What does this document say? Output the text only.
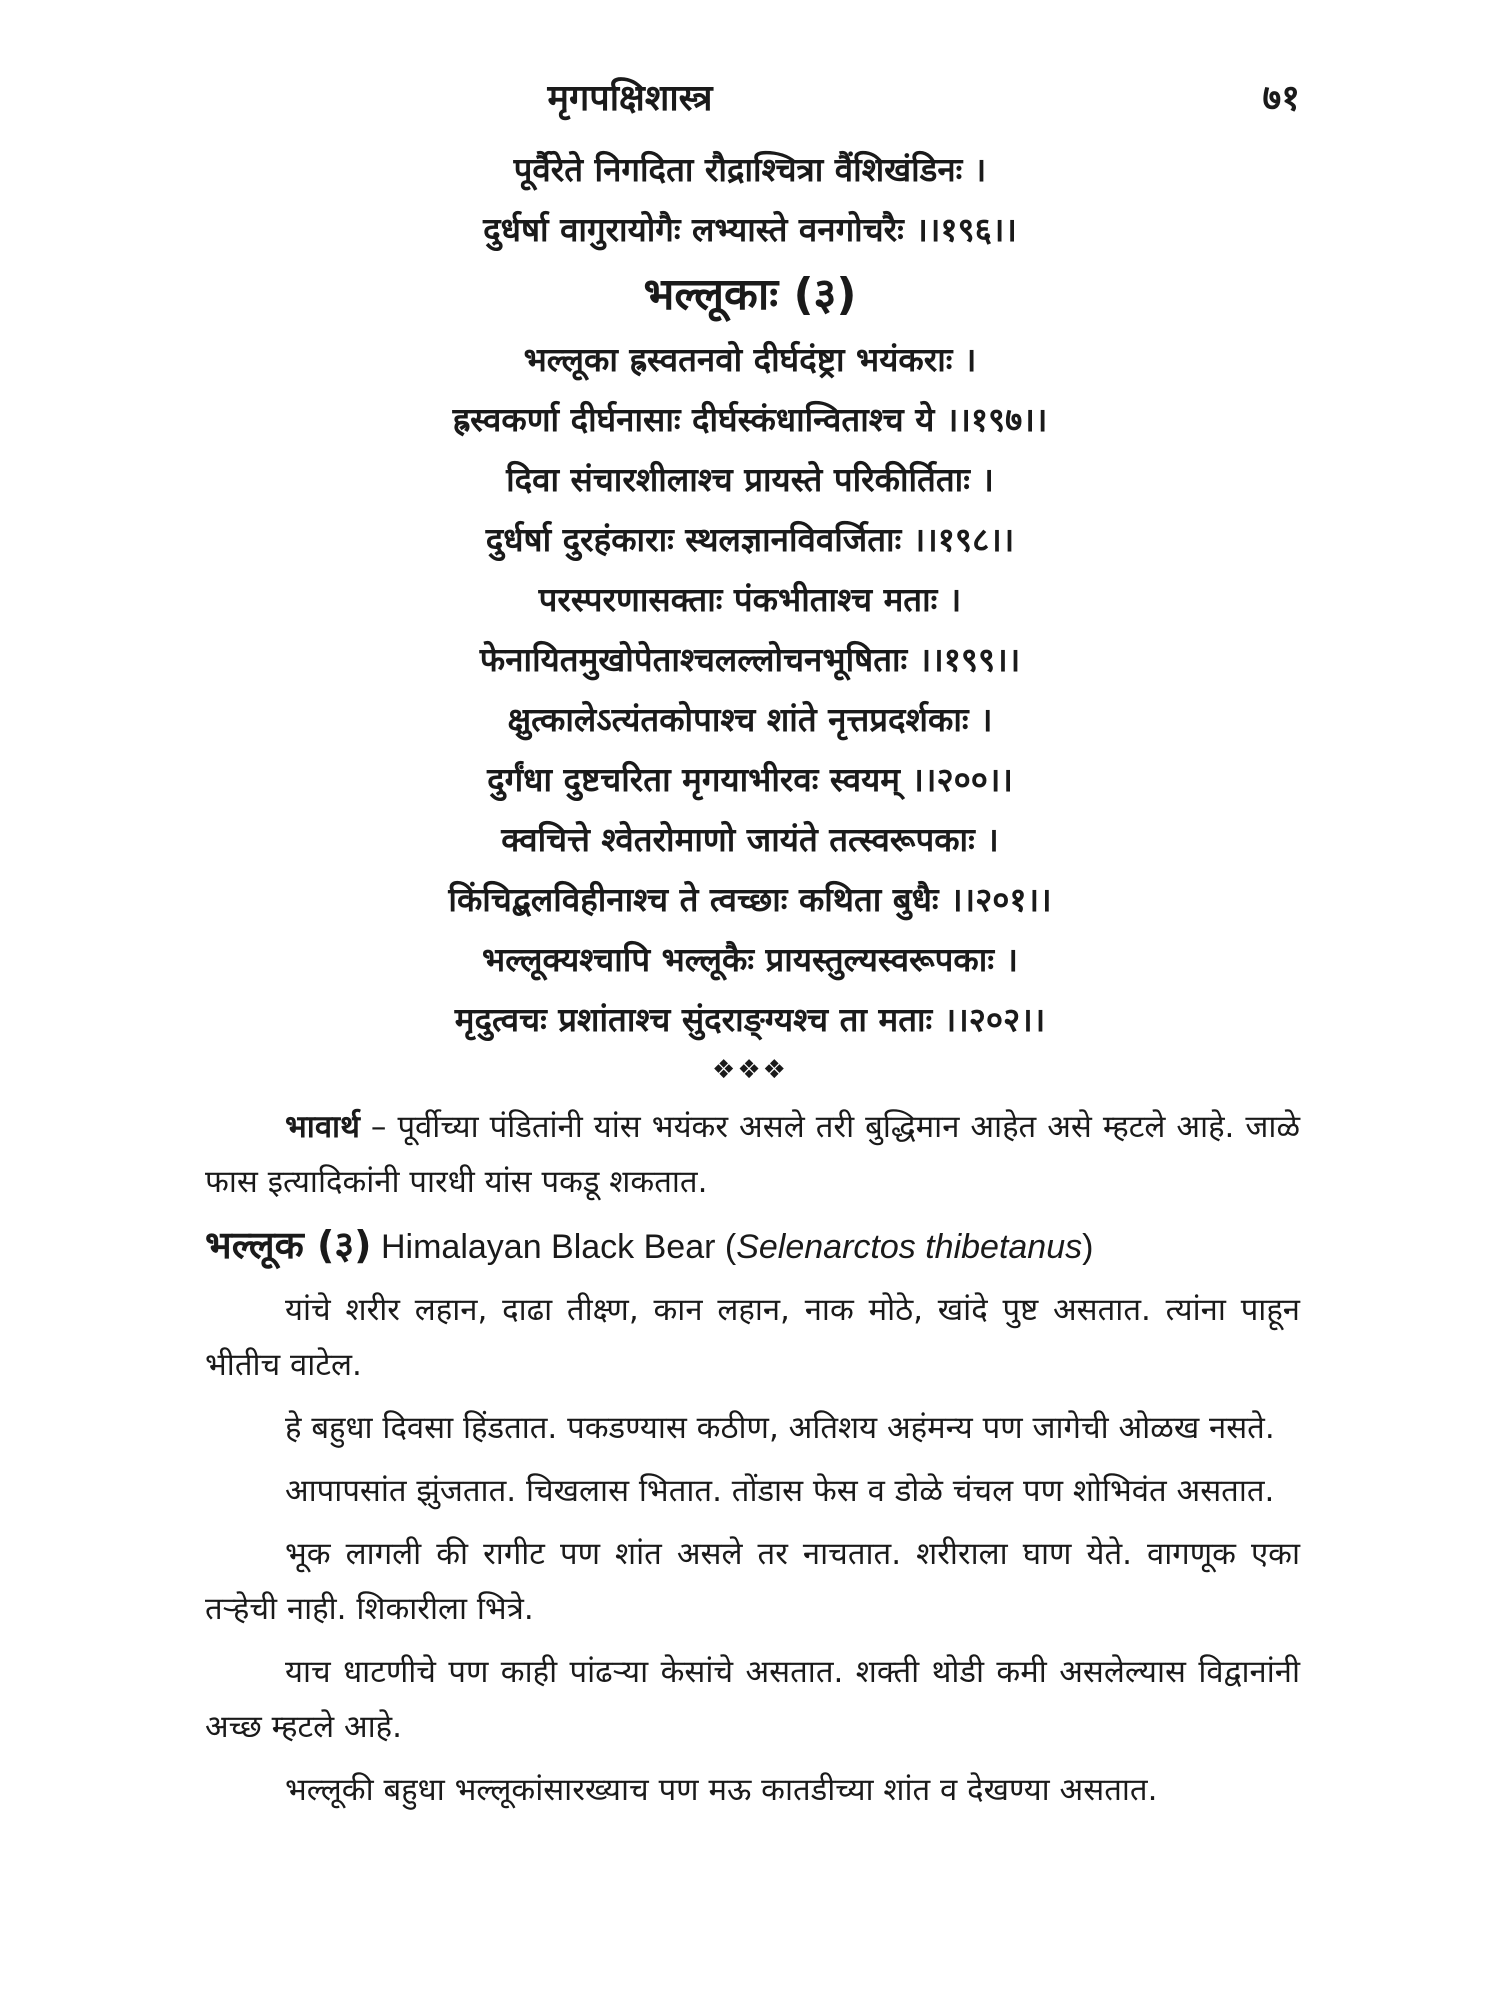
मृगपक्षिशास्त्र	७१
पूर्वैरेते निगदिता रौद्राश्चित्रा वैंशिखंडिनः ।
दुर्धर्षा वागुरायोगैः लभ्यास्ते वनगोचरैः ।।१९६।।
भल्लूकाः (३)
भल्लूका ह्रस्वतनवो दीर्घदंष्ट्रा भयंकराः ।
ह्रस्वकर्णा दीर्घनासाः दीर्घस्कंधान्विताश्च ये ।।१९७।।
दिवा संचारशीलाश्च प्रायस्ते परिकीर्तिताः ।
दुर्धर्षा दुरहंकाराः स्थलज्ञानविवर्जिताः ।।१९८।।
परस्परणासक्ताः पंकभीताश्च मताः ।
फेनायितमुखोपेताश्चलल्लोचनभूषिताः ।।१९९।।
क्षुत्कालेऽत्यंतकोपाश्च शांते नृत्तप्रदर्शकाः ।
दुर्गंधा दुष्टचरिता मृगयाभीरवः स्वयम् ।।२००।।
क्वचित्ते श्वेतरोमाणो जायंते तत्स्वरूपकाः ।
किंचिद्बलविहीनाश्च ते त्वच्छाः कथिता बुधैः ।।२०१।।
भल्लूक्यश्चापि भल्लूकैः प्रायस्तुल्यस्वरूपकाः ।
मृदुत्वचः प्रशांताश्च सुंदराङ्ग्यश्च ता मताः ।।२०२।।
❖❖❖

भावार्थ – पूर्वीच्या पंडितांनी यांस भयंकर असले तरी बुद्धिमान आहेत असे म्हटले आहे. जाळे फास इत्यादिकांनी पारधी यांस पकडू शकतात.

भल्लूक (३) Himalayan Black Bear (Selenarctos thibetanus)

यांचे शरीर लहान, दाढा तीक्ष्ण, कान लहान, नाक मोठे, खांदे पुष्ट असतात. त्यांना पाहून भीतीच वाटेल.

हे बहुधा दिवसा हिंडतात. पकडण्यास कठीण, अतिशय अहंमन्य पण जागेची ओळख नसते.

आपापसांत झुंजतात. चिखलास भितात. तोंडास फेस व डोळे चंचल पण शोभिवंत असतात.

भूक लागली की रागीट पण शांत असले तर नाचतात. शरीराला घाण येते. वागणूक एका तऱ्हेची नाही. शिकारीला भित्रे.

याच धाटणीचे पण काही पांढऱ्या केसांचे असतात. शक्ती थोडी कमी असलेल्यास विद्वानांनी अच्छ म्हटले आहे.

भल्लूकी बहुधा भल्लूकांसारख्याच पण मऊ कातडीच्या शांत व देखण्या असतात.
